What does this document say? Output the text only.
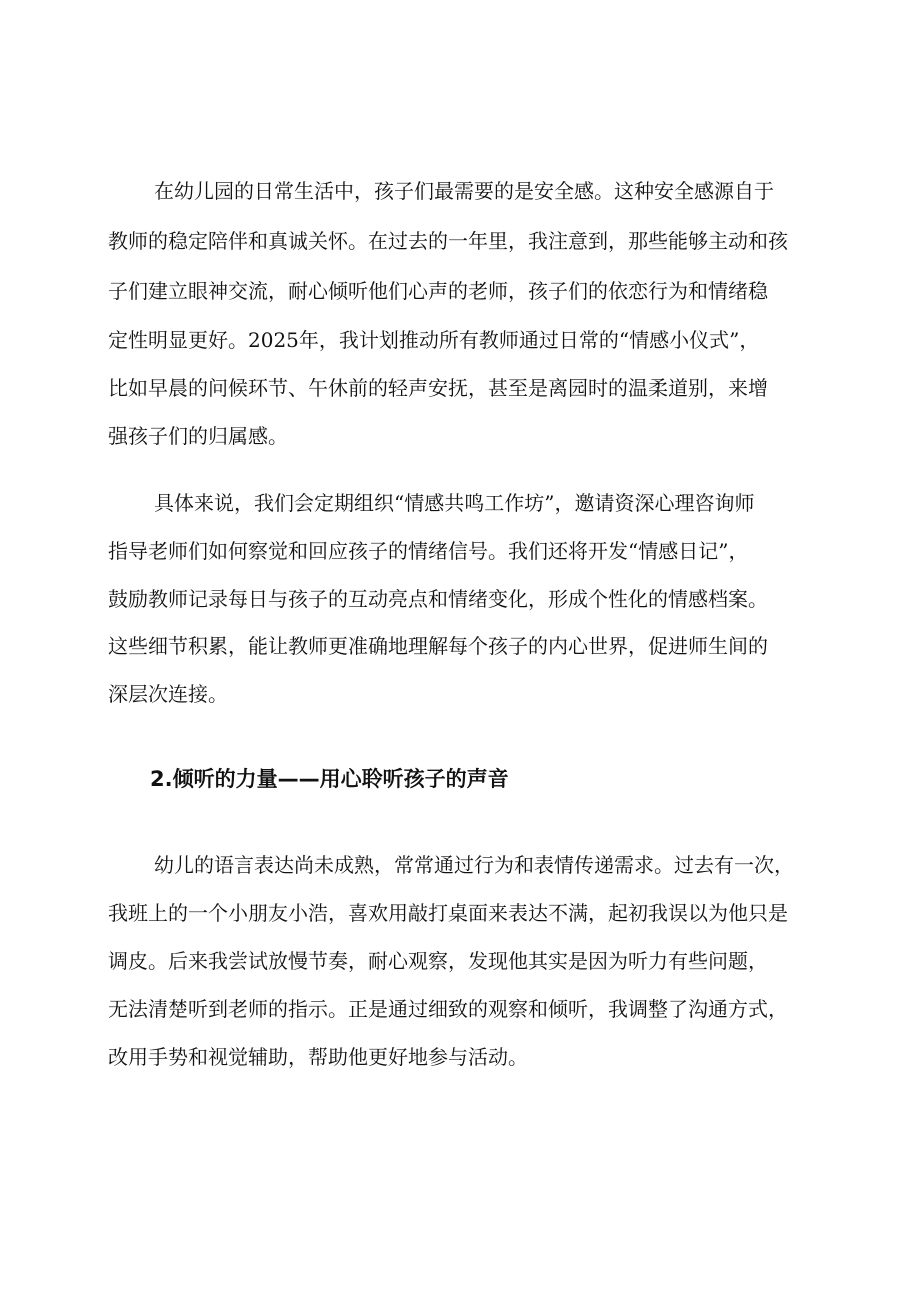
在幼儿园的日常生活中，孩子们最需要的是安全感。这种安全感源自于
教师的稳定陪伴和真诚关怀。在过去的一年里，我注意到，那些能够主动和孩
子们建立眼神交流，耐心倾听他们心声的老师，孩子们的依恋行为和情绪稳
定性明显更好。2025年，我计划推动所有教师通过日常的“情感小仪式”，
比如早晨的问候环节、午休前的轻声安抚，甚至是离园时的温柔道别，来增
强孩子们的归属感。
具体来说，我们会定期组织“情感共鸣工作坊”，邀请资深心理咨询师
指导老师们如何察觉和回应孩子的情绪信号。我们还将开发“情感日记”，
鼓励教师记录每日与孩子的互动亮点和情绪变化，形成个性化的情感档案。
这些细节积累，能让教师更准确地理解每个孩子的内心世界，促进师生间的
深层次连接。
2.倾听的力量——用心聆听孩子的声音
幼儿的语言表达尚未成熟，常常通过行为和表情传递需求。过去有一次，
我班上的一个小朋友小浩，喜欢用敲打桌面来表达不满，起初我误以为他只是
调皮。后来我尝试放慢节奏，耐心观察，发现他其实是因为听力有些问题，
无法清楚听到老师的指示。正是通过细致的观察和倾听，我调整了沟通方式，
改用手势和视觉辅助，帮助他更好地参与活动。
